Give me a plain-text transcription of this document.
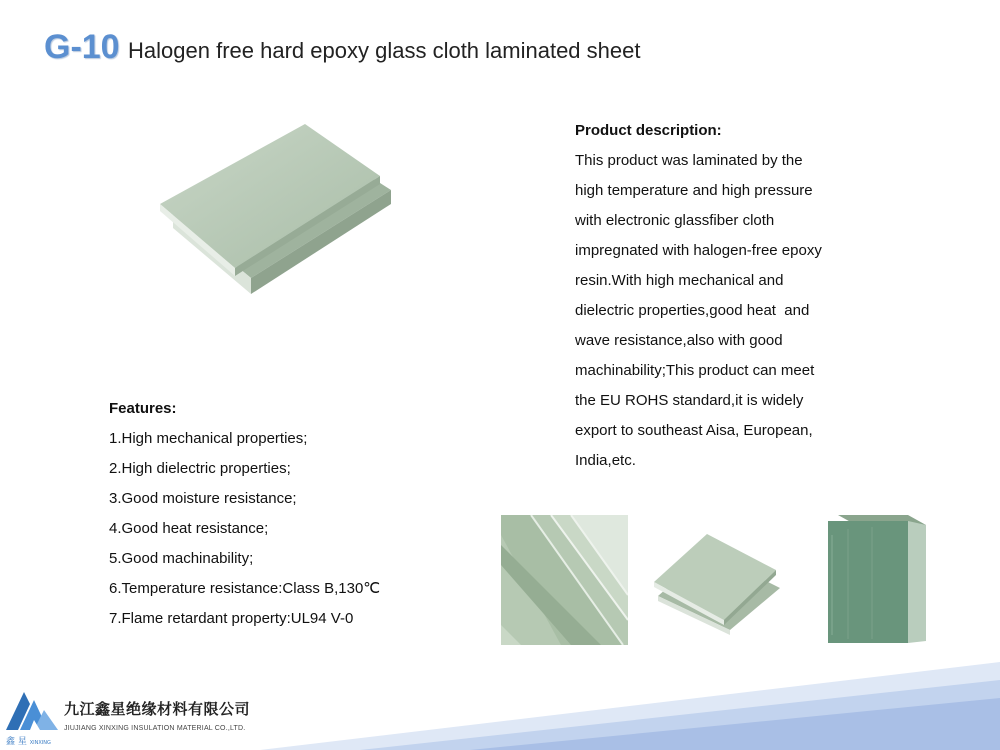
G-10 Halogen free hard epoxy glass cloth laminated sheet
Product description:
This product was laminated by the
high temperature and high pressure
with electronic glassfiber cloth
impregnated with halogen-free epoxy
resin.With high mechanical and
dielectric properties,good heat  and
wave resistance,also with good
machinability;This product can meet
the EU ROHS standard,it is widely
export to southeast Aisa, European,
India,etc.
Features:
1.High mechanical properties;
2.High dielectric properties;
3.Good moisture resistance;
4.Good heat resistance;
5.Good machinability;
6.Temperature resistance:Class B,130℃
7.Flame retardant property:UL94 V-0
鑫 星 XINXING
九江鑫星绝缘材料有限公司
JIUJIANG XINXING INSULATION MATERIAL CO.,LTD.
